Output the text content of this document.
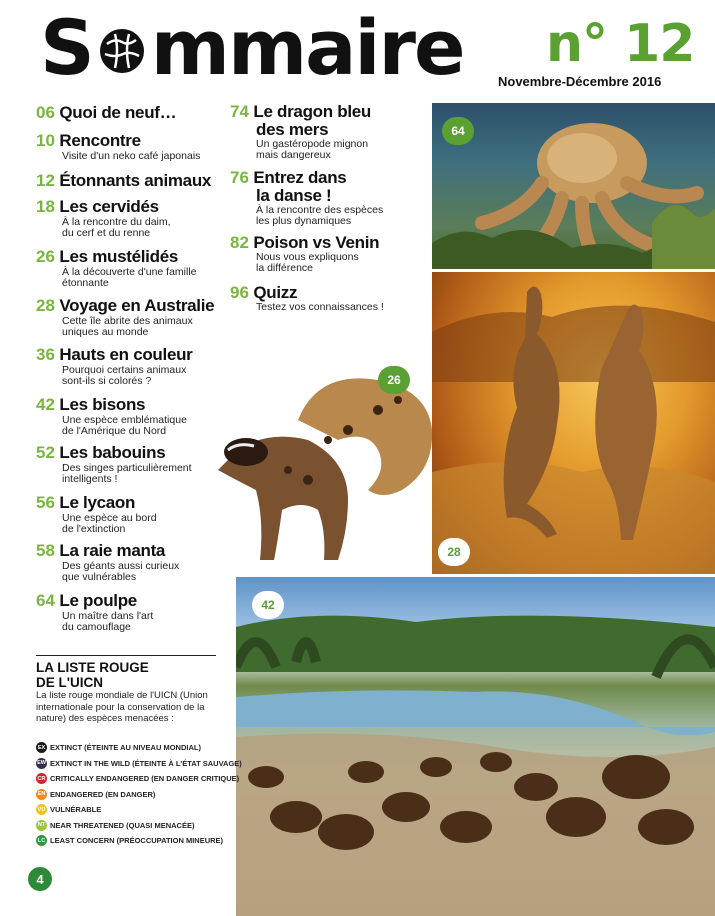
S mmaire n° 12
Novembre-Décembre 2016
06 Quoi de neuf…
10 Rencontre
Visite d'un neko café japonais
12 Étonnants animaux
18 Les cervidés
À la rencontre du daim,
du cerf et du renne
26 Les mustélidés
À la découverte d'une famille
étonnante
28 Voyage en Australie
Cette île abrite des animaux
uniques au monde
36 Hauts en couleur
Pourquoi certains animaux
sont-ils si colorés ?
42 Les bisons
Une espèce emblématique
de l'Amérique du Nord
52 Les babouins
Des singes particulièrement
intelligents !
56 Le lycaon
Une espèce au bord
de l'extinction
58 La raie manta
Des géants aussi curieux
que vulnérables
64 Le poulpe
Un maître dans l'art
du camouflage
74 Le dragon bleu
des mers
Un gastéropode mignon
mais dangereux
76 Entrez dans
la danse !
À la rencontre des espèces
les plus dynamiques
82 Poison vs Venin
Nous vous expliquons
la différence
96 Quizz
Testez vos connaissances !
64
28
26
42
LA LISTE ROUGE
DE L'UICN
La liste rouge mondiale de l'UICN (Union internationale pour la conservation de la nature) des espèces menacées :
EX EXTINCT (ÉTEINTE AU NIVEAU MONDIAL)
EW EXTINCT IN THE WILD (ÉTEINTE À L'ÉTAT SAUVAGE)
CR CRITICALLY ENDANGERED (EN DANGER CRITIQUE)
EN ENDANGERED (EN DANGER)
VU VULNÉRABLE
NT NEAR THREATENED (QUASI MENACÉE)
LC LEAST CONCERN (PRÉOCCUPATION MINEURE)
4
